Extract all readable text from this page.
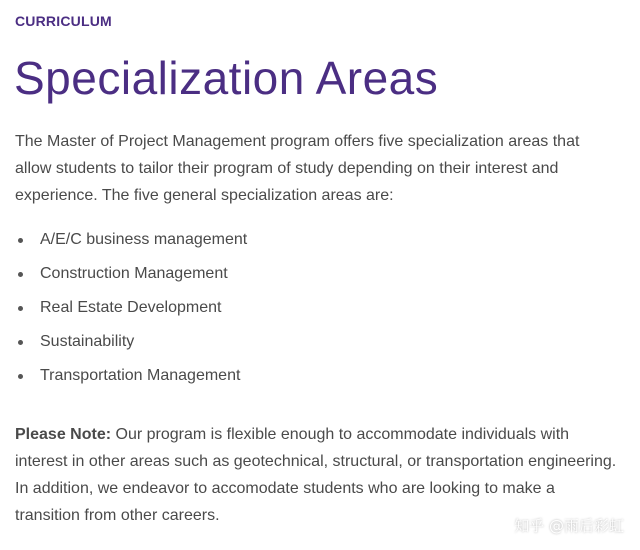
CURRICULUM
Specialization Areas

The Master of Project Management program offers five specialization areas that allow students to tailor their program of study depending on their interest and experience. The five general specialization areas are:

A/E/C business management
Construction Management
Real Estate Development
Sustainability
Transportation Management

Please Note: Our program is flexible enough to accommodate individuals with interest in other areas such as geotechnical, structural, or transportation engineering. In addition, we endeavor to accomodate students who are looking to make a transition from other careers.

知乎 @雨后彩虹
